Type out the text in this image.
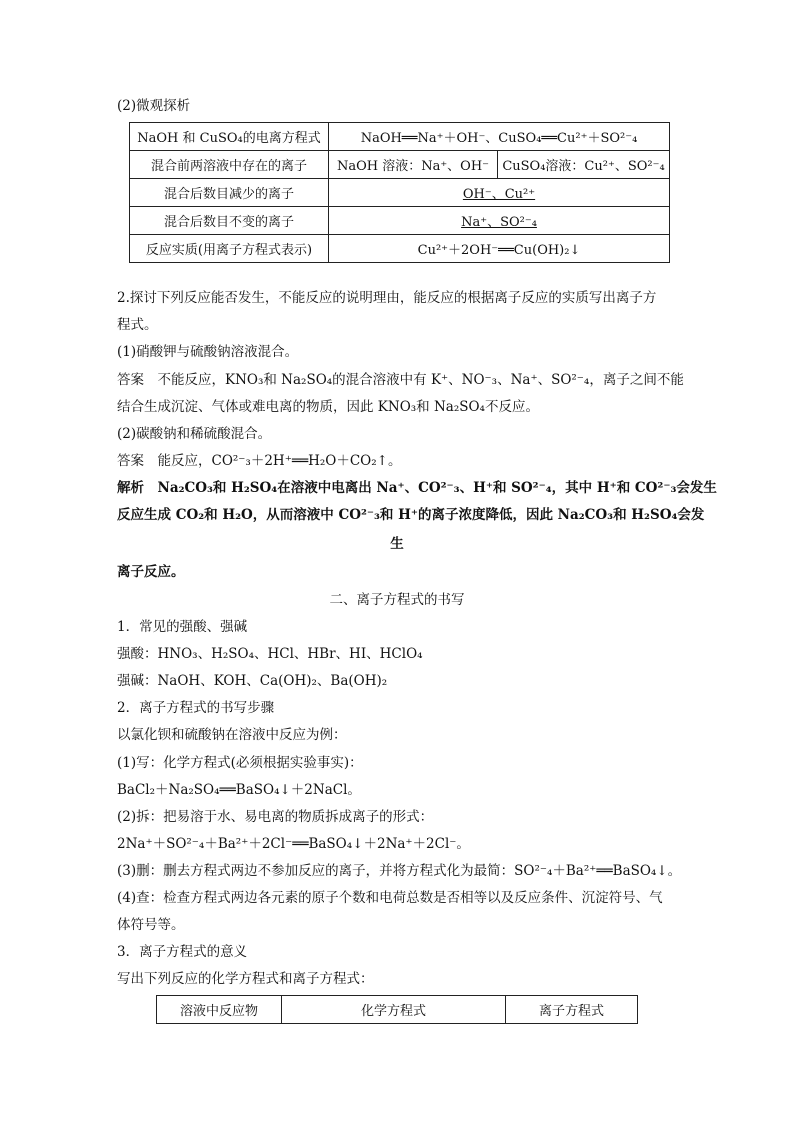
(2)微观探析
NaOH 和 CuSO₄的电离方程式	NaOH══Na⁺＋OH⁻、CuSO₄══Cu²⁺＋SO²⁻₄	
混合前两溶液中存在的离子	NaOH 溶液：Na⁺、OH⁻	CuSO₄溶液：Cu²⁺、SO²⁻₄
混合后数目减少的离子	OH⁻、Cu²⁺	
混合后数目不变的离子	Na⁺、SO²⁻₄	
反应实质(用离子方程式表示)	Cu²⁺＋2OH⁻══Cu(OH)₂↓	
2.探讨下列反应能否发生，不能反应的说明理由，能反应的根据离子反应的实质写出离子方
程式。
(1)硝酸钾与硫酸钠溶液混合。
答案　不能反应，KNO₃和 Na₂SO₄的混合溶液中有 K⁺、NO⁻₃、Na⁺、SO²⁻₄，离子之间不能
结合生成沉淀、气体或难电离的物质，因此 KNO₃和 Na₂SO₄不反应。
(2)碳酸钠和稀硫酸混合。
答案　能反应，CO²⁻₃＋2H⁺══H₂O＋CO₂↑。
解析　Na₂CO₃和 H₂SO₄在溶液中电离出 Na⁺、CO²⁻₃、H⁺和 SO²⁻₄，其中 H⁺和 CO²⁻₃会发生
反应生成 CO₂和 H₂O，从而溶液中 CO²⁻₃和 H⁺的离子浓度降低，因此 Na₂CO₃和 H₂SO₄会发
生
离子反应。
二、离子方程式的书写
1．常见的强酸、强碱
强酸：HNO₃、H₂SO₄、HCl、HBr、HI、HClO₄
强碱：NaOH、KOH、Ca(OH)₂、Ba(OH)₂
2．离子方程式的书写步骤
以氯化钡和硫酸钠在溶液中反应为例：
(1)写：化学方程式(必须根据实验事实)：
BaCl₂＋Na₂SO₄══BaSO₄↓＋2NaCl。
(2)拆：把易溶于水、易电离的物质拆成离子的形式：
2Na⁺＋SO²⁻₄＋Ba²⁺＋2Cl⁻══BaSO₄↓＋2Na⁺＋2Cl⁻。
(3)删：删去方程式两边不参加反应的离子，并将方程式化为最简：SO²⁻₄＋Ba²⁺══BaSO₄↓。
(4)查：检查方程式两边各元素的原子个数和电荷总数是否相等以及反应条件、沉淀符号、气
体符号等。
3．离子方程式的意义
写出下列反应的化学方程式和离子方程式：
溶液中反应物	化学方程式	离子方程式
